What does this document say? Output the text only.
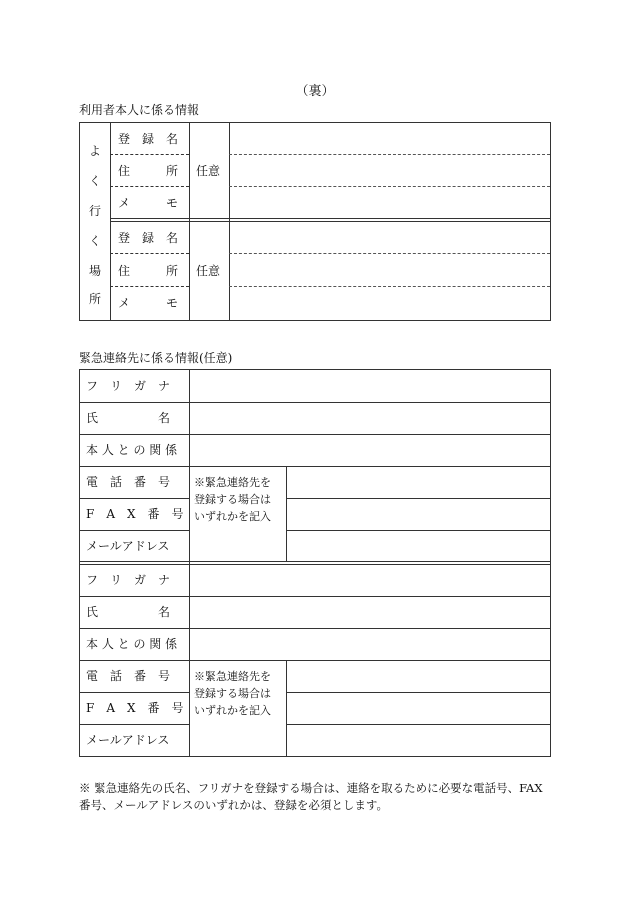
（裏）
利用者本人に係る情報
よ
く
行
く
場
所
登　録　名
住　　　所
メ　　　モ
任意
登　録　名
住　　　所
メ　　　モ
任意
緊急連絡先に係る情報(任意)
フ　リ　ガ　ナ
氏　　　　　名
本 人 と の 関 係
電　話　番　号
F　A　X　番　号
メールアドレス
※緊急連絡先を　登録する場合は　　いずれかを記入
フ　リ　ガ　ナ
氏　　　　　名
本 人 と の 関 係
電　話　番　号
F　A　X　番　号
メールアドレス
※緊急連絡先を　登録する場合は　　いずれかを記入
※ 緊急連絡先の氏名、フリガナを登録する場合は、連絡を取るために必要な電話号、FAX番号、メールアドレスのいずれかは、登録を必須とします。
